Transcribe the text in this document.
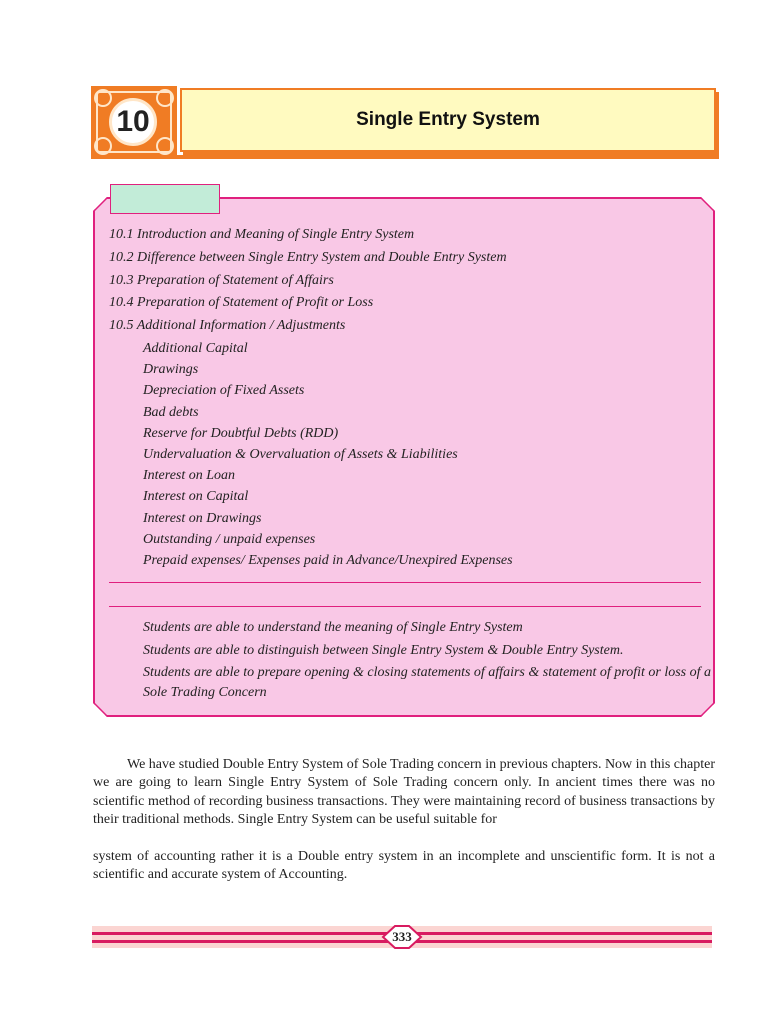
10	Single Entry System
10.1 Introduction and Meaning of Single Entry System
10.2 Difference between Single Entry System and Double Entry System
10.3 Preparation of Statement of Affairs
10.4 Preparation of Statement of Profit or Loss
10.5 Additional Information / Adjustments
Additional Capital
Drawings
Depreciation of Fixed Assets
Bad debts
Reserve for Doubtful Debts (RDD)
Undervaluation & Overvaluation of Assets & Liabilities
Interest on Loan
Interest on Capital
Interest on Drawings
Outstanding / unpaid expenses
Prepaid expenses/ Expenses paid in Advance/Unexpired Expenses
Students are able to understand the meaning of Single Entry System
Students are able to distinguish between Single Entry System & Double Entry System.
Students are able to prepare opening & closing statements of affairs & statement of profit or loss of a Sole Trading Concern

We have studied Double Entry System of Sole Trading concern in previous chapters. Now in this chapter we are going to learn Single Entry System of Sole Trading concern only. In ancient times there was no scientific method of recording business transactions. They were maintaining record of business transactions by their traditional methods. Single Entry System can be useful suitable for

system of accounting rather it is a Double entry system in an incomplete and unscientific form. It is not a scientific and accurate system of Accounting.

333
